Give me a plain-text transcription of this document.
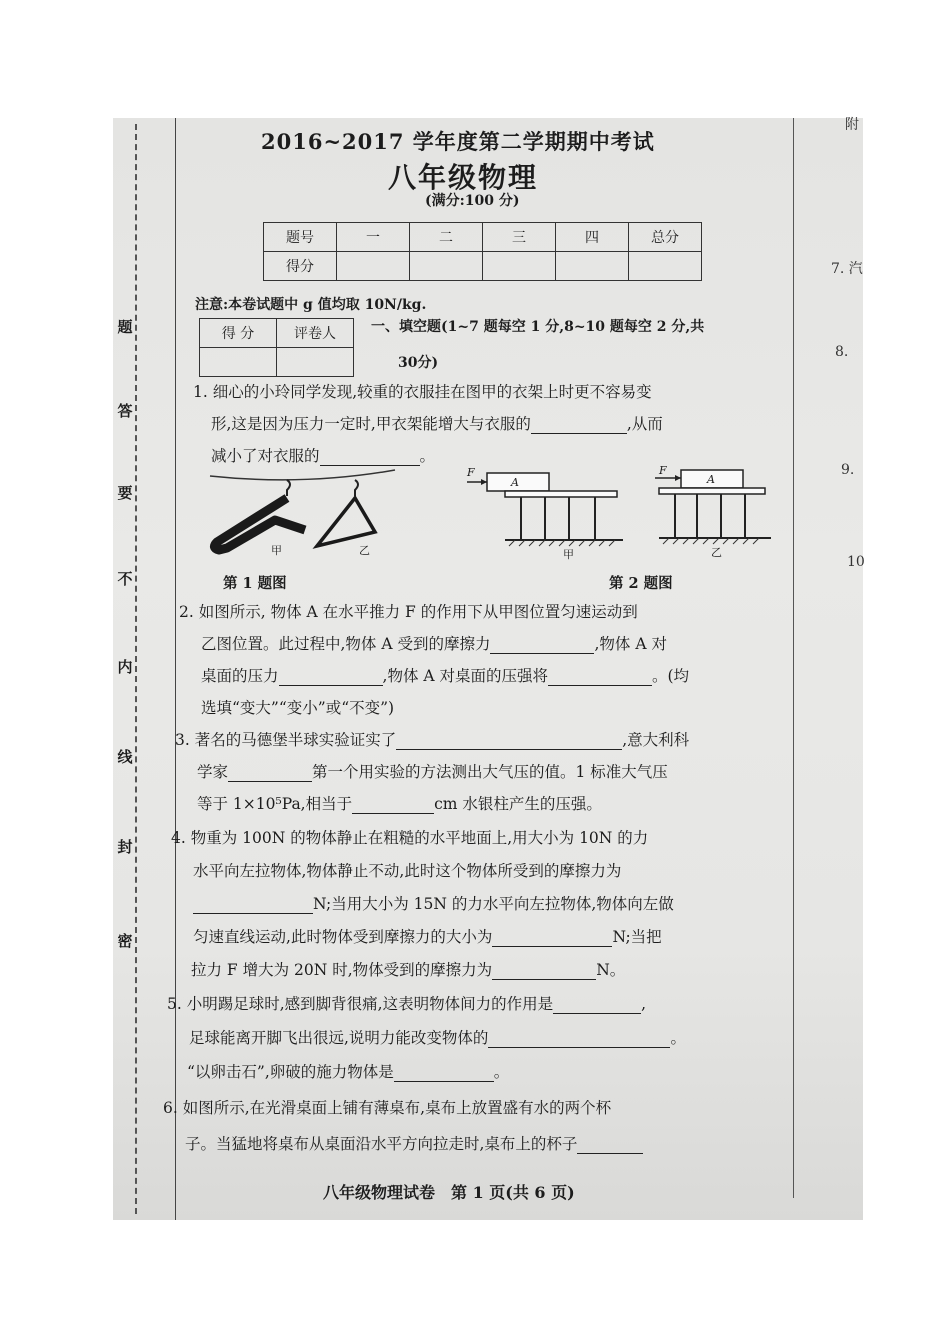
题
答
要
不
内
线
封
密
附
7. 汽
8.
9.
10
2016~2017 学年度第二学期期中考试
八年级物理
(满分:100 分)
题号	一	二	三	四	总分
得分					
注意:本卷试题中 g 值均取 10N/kg.
得 分	评卷人
		一、填空题(1~7 题每空 1 分,8~10 题每空 2 分,共
30分)
1. 细心的小玲同学发现,较重的衣服挂在图甲的衣架上时更不容易变
形,这是因为压力一定时,甲衣架能增大与衣服的	,从而
减小了对衣服的	。
甲	乙
F
A
甲
F
A
乙
第 1 题图	第 2 题图
2. 如图所示, 物体 A 在水平推力 F 的作用下从甲图位置匀速运动到
乙图位置。此过程中,物体 A 受到的摩擦力	,物体 A 对
桌面的压力	,物体 A 对桌面的压强将	。(均
选填“变大”“变小”或“不变”)
3. 著名的马德堡半球实验证实了	,意大利科
学家	第一个用实验的方法测出大气压的值。1 标准大气压
等于 1×10⁵Pa,相当于	cm 水银柱产生的压强。
4. 物重为 100N 的物体静止在粗糙的水平地面上,用大小为 10N 的力
水平向左拉物体,物体静止不动,此时这个物体所受到的摩擦力为
N;当用大小为 15N 的力水平向左拉物体,物体向左做
匀速直线运动,此时物体受到摩擦力的大小为	N;当把
拉力 F 增大为 20N 时,物体受到的摩擦力为	N。
5. 小明踢足球时,感到脚背很痛,这表明物体间力的作用是	,
足球能离开脚飞出很远,说明力能改变物体的	。
“以卵击石”,卵破的施力物体是	。
6. 如图所示,在光滑桌面上铺有薄桌布,桌布上放置盛有水的两个杯
子。当猛地将桌布从桌面沿水平方向拉走时,桌布上的杯子
八年级物理试卷　第 1 页(共 6 页)
